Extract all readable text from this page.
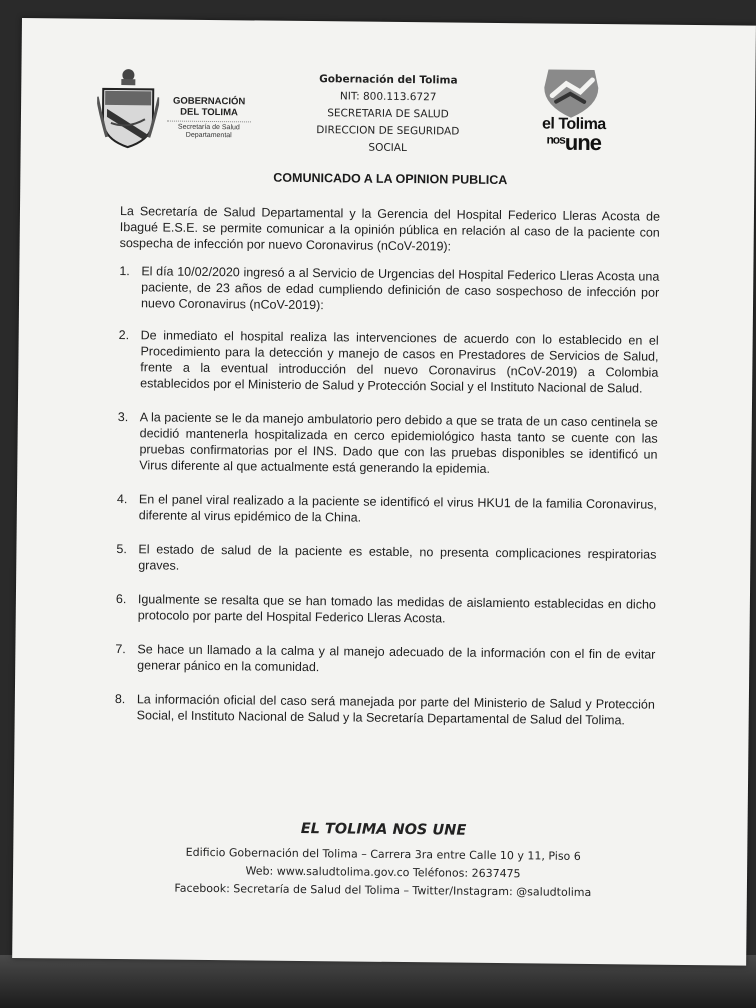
GOBERNACIÓN
DEL TOLIMA
Secretaría de Salud
Departamental
Gobernación del Tolima
NIT: 800.113.6727
SECRETARIA DE SALUD
DIRECCION DE SEGURIDAD
SOCIAL
el Tolima
$^{nos}$une
COMUNICADO A LA OPINION PUBLICA
La Secretaría de Salud Departamental y la Gerencia del Hospital Federico Lleras Acosta de Ibagué E.S.E. se permite comunicar a la opinión pública en relación al caso de la paciente con sospecha de infección por nuevo Coronavirus (nCoV-2019):
1. El día 10/02/2020 ingresó a al Servicio de Urgencias del Hospital Federico Lleras Acosta una paciente, de 23 años de edad cumpliendo definición de caso sospechoso de infección por nuevo Coronavirus (nCoV-2019):
2. De inmediato el hospital realiza las intervenciones de acuerdo con lo establecido en el Procedimiento para la detección y manejo de casos en Prestadores de Servicios de Salud, frente a la eventual introducción del nuevo Coronavirus (nCoV-2019) a Colombia establecidos por el Ministerio de Salud y Protección Social y el Instituto Nacional de Salud.
3. A la paciente se le da manejo ambulatorio pero debido a que se trata de un caso centinela se decidió mantenerla hospitalizada en cerco epidemiológico hasta tanto se cuente con las pruebas confirmatorias por el INS. Dado que con las pruebas disponibles se identificó un Virus diferente al que actualmente está generando la epidemia.
4. En el panel viral realizado a la paciente se identificó el virus HKU1 de la familia Coronavirus, diferente al virus epidémico de la China.
5. El estado de salud de la paciente es estable, no presenta complicaciones respiratorias graves.
6. Igualmente se resalta que se han tomado las medidas de aislamiento establecidas en dicho protocolo por parte del Hospital Federico Lleras Acosta.
7. Se hace un llamado a la calma y al manejo adecuado de la información con el fin de evitar generar pánico en la comunidad.
8. La información oficial del caso será manejada por parte del Ministerio de Salud y Protección Social, el Instituto Nacional de Salud y la Secretaría Departamental de Salud del Tolima.
EL TOLIMA NOS UNE
Edificio Gobernación del Tolima – Carrera 3ra entre Calle 10 y 11, Piso 6
Web: www.saludtolima.gov.co Teléfonos: 2637475
Facebook: Secretaría de Salud del Tolima – Twitter/Instagram: @saludtolima
